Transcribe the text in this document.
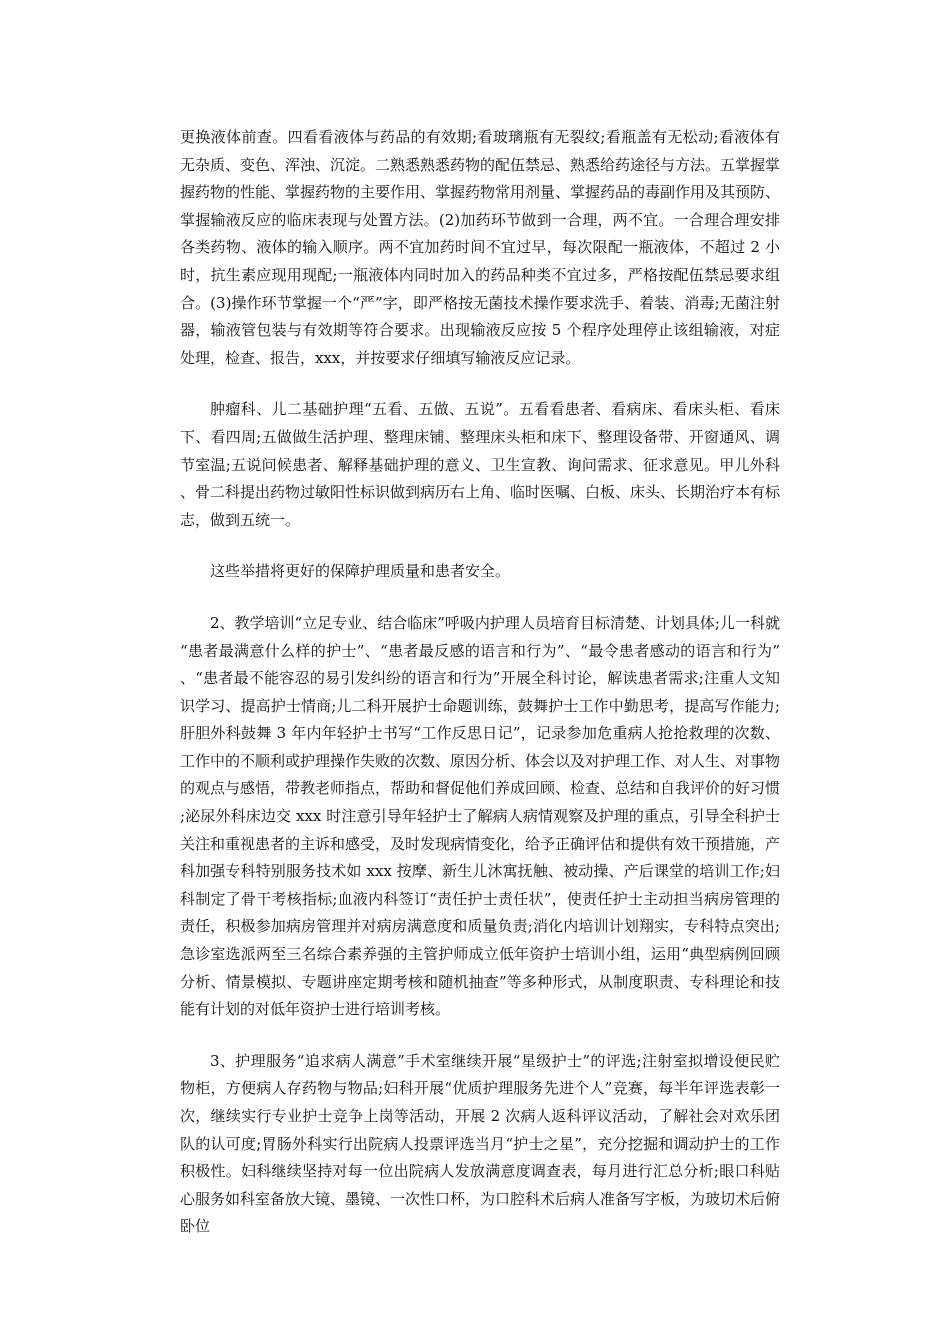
更换液体前查。四看看液体与药品的有效期;看玻璃瓶有无裂纹;看瓶盖有无松动;看液体有无杂质、变色、浑浊、沉淀。二熟悉熟悉药物的配伍禁忌、熟悉给药途径与方法。五掌握掌握药物的性能、掌握药物的主要作用、掌握药物常用剂量、掌握药品的毒副作用及其预防、掌握输液反应的临床表现与处置方法。(2)加药环节做到一合理，两不宜。一合理合理安排各类药物、液体的输入顺序。两不宜加药时间不宜过早，每次限配一瓶液体，不超过 2 小时，抗生素应现用现配;一瓶液体内同时加入的药品种类不宜过多，严格按配伍禁忌要求组合。(3)操作环节掌握一个“严”字，即严格按无菌技术操作要求洗手、着装、消毒;无菌注射器，输液管包装与有效期等符合要求。出现输液反应按 5 个程序处理停止该组输液，对症处理，检查、报告，xxx，并按要求仔细填写输液反应记录。

肿瘤科、儿二基础护理“五看、五做、五说”。五看看患者、看病床、看床头柜、看床下、看四周;五做做生活护理、整理床铺、整理床头柜和床下、整理设备带、开窗通风、调节室温;五说问候患者、解释基础护理的意义、卫生宣教、询问需求、征求意见。甲儿外科、骨二科提出药物过敏阳性标识做到病历右上角、临时医嘱、白板、床头、长期治疗本有标志，做到五统一。

这些举措将更好的保障护理质量和患者安全。

2、教学培训“立足专业、结合临床”呼吸内护理人员培育目标清楚、计划具体;儿一科就“患者最满意什么样的护士”、“患者最反感的语言和行为”、“最令患者感动的语言和行为”、“患者最不能容忍的易引发纠纷的语言和行为”开展全科讨论，解读患者需求;注重人文知识学习、提高护士情商;儿二科开展护士命题训练，鼓舞护士工作中勤思考，提高写作能力;肝胆外科鼓舞 3 年内年轻护士书写“工作反思日记”，记录参加危重病人抢抢救理的次数、工作中的不顺利或护理操作失败的次数、原因分析、体会以及对护理工作、对人生、对事物的观点与感悟，带教老师指点，帮助和督促他们养成回顾、检查、总结和自我评价的好习惯;泌尿外科床边交 xxx 时注意引导年轻护士了解病人病情观察及护理的重点，引导全科护士关注和重视患者的主诉和感受，及时发现病情变化，给予正确评估和提供有效干预措施，产科加强专科特别服务技术如 xxx 按摩、新生儿沐寓抚触、被动操、产后课堂的培训工作;妇科制定了骨干考核指标;血液内科签订“责任护士责任状”，使责任护士主动担当病房管理的责任，积极参加病房管理并对病房满意度和质量负责;消化内培训计划翔实，专科特点突出;急诊室选派两至三名综合素养强的主管护师成立低年资护士培训小组，运用“典型病例回顾分析、情景模拟、专题讲座定期考核和随机抽查”等多种形式，从制度职责、专科理论和技能有计划的对低年资护士进行培训考核。

3、护理服务“追求病人满意”手术室继续开展“星级护士”的评选;注射室拟增设便民贮物柜，方便病人存药物与物品;妇科开展“优质护理服务先进个人”竞赛，每半年评选表彰一次，继续实行专业护士竞争上岗等活动，开展 2 次病人返科评议活动，了解社会对欢乐团队的认可度;胃肠外科实行出院病人投票评选当月“护士之星”，充分挖掘和调动护士的工作积极性。妇科继续坚持对每一位出院病人发放满意度调查表，每月进行汇总分析;眼口科贴心服务如科室备放大镜、墨镜、一次性口杯，为口腔科术后病人准备写字板，为玻切术后俯卧位
